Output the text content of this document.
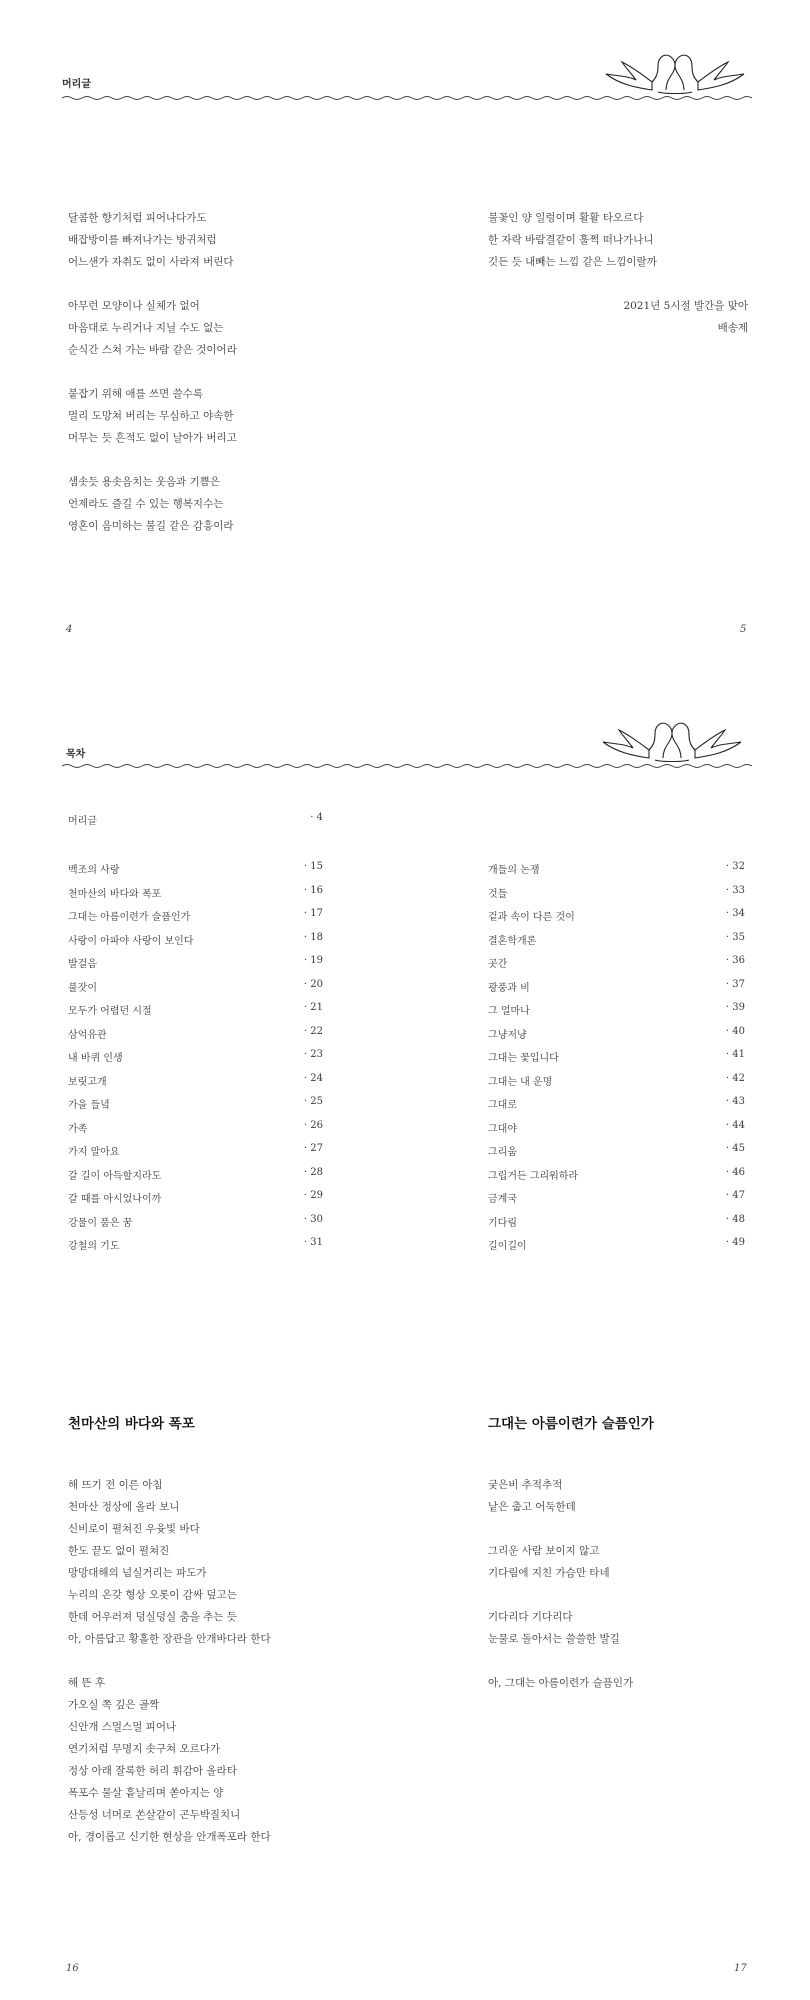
머리글
달콤한 향기처럼 피어나다가도
배잡방이를 빠져나가는 방귀처럼
어느샌가 자취도 없이 사라져 버린다
아무런 모양이나 실체가 없어
마음대로 누리거나 지닐 수도 없는
순식간 스쳐 가는 바람 같은 것이어라
붙잡기 위해 애를 쓰면 쓸수록
멀리 도망쳐 버리는 무심하고 야속한
머무는 듯 흔적도 없이 날아가 버리고
샘솟듯 용솟음치는 웃음과 기쁨은
언제라도 즐길 수 있는 행복지수는
영혼이 음미하는 불길 같은 감흥이라
불꽃인 양 일렁이며 활활 타오르다
한 자락 바람결같이 훌쩍 떠나가나니
깃든 듯 내빼는 느낌 같은 느낌이랄까
2021년 5시절 발간을 맞아
배송제
4	5
목차
머리글	· 4
백조의 사랑	· 15
천마산의 바다와 폭포	· 16
그대는 아름이련가 슬픔인가	· 17
사랑이 아파야 사랑이 보인다	· 18
발걸음	· 19
불잣이	· 20
모두가 어렵던 시절	· 21
삼억유관	· 22
내 바퀴 인생	· 23
보릿고개	· 24
가을 들녘	· 25
가족	· 26
가지 말아요	· 27
갈 길이 아득할지라도	· 28
갈 때를 아시었나이까	· 29
강물이 품은 꿈	· 30
강철의 기도	· 31
개들의 논쟁	· 32
것들	· 33
겉과 속이 다른 것이	· 34
결혼학개론	· 35
곳간	· 36
광풍과 비	· 37
그 얼마나	· 39
그냥저냥	· 40
그대는 꽃입니다	· 41
그대는 내 운명	· 42
그대로	· 43
그대야	· 44
그리움	· 45
그립거든 그리워하라	· 46
금계국	· 47
기다림	· 48
길이길이	· 49
천마산의 바다와 폭포	그대는 아름이련가 슬픔인가
해 뜨기 전 이른 아침
천마산 정상에 올라 보니
신비로이 펼쳐진 우윳빛 바다
한도 끝도 없이 펼쳐진
망망대해의 넘실거리는 파도가
누리의 온갖 형상 오롯이 감싸 덮고는
한데 어우러져 덩실덩실 춤을 추는 듯
아, 아름답고 황홀한 장관을 안개바다라 한다
해 뜬 후
가오실 쪽 깊은 골짝
신안개 스멀스멀 피어나
연기처럼 무명지 솟구쳐 오르다가
정상 아래 잘록한 허리 휘감아 올라타
폭포수 물살 흩날리며 쏟아지는 양
산등성 너머로 쏜살같이 곤두박질치니
아, 경이롭고 신기한 현상을 안개폭포라 한다
궂은비 추적추적
낱은 춥고 어둑한데
그리운 사람 보이지 않고
기다림에 지친 가슴만 타네
기다리다 기다리다
눈물로 돌아서는 쓸쓸한 발길
아, 그대는 아름이련가 슬픔인가
16	17
